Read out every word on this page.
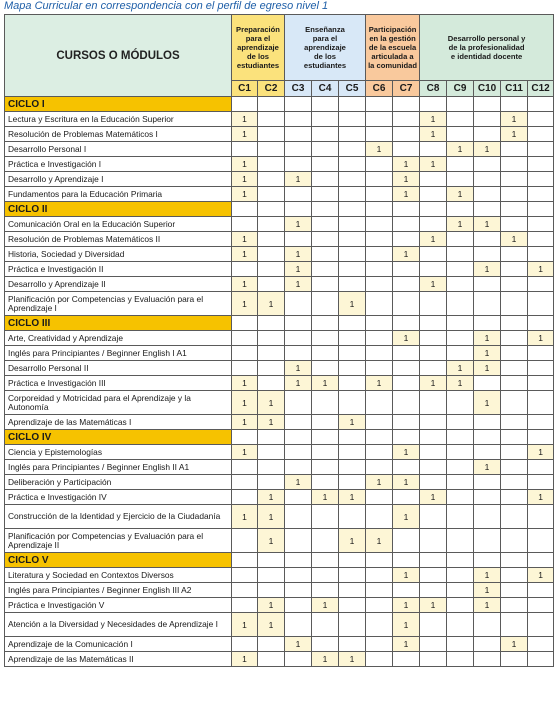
Mapa Curricular en correspondencia con el perfil de egreso nivel 1
CURSOS O MÓDULOS	Preparación
para el
aprendizaje
de los
estudiantes		Enseñanza
para el
aprendizaje
de los
estudiantes			Participación
en la gestión
de la escuela
articulada a
la comunidad		Desarrollo personal y
de la profesionalidad
e identidad docente				
	C1	C2	C3	C4	C5	C6	C7	C8	C9	C10	C11	C12
CICLO I												
Lectura y Escritura en la Educación Superior	1							1			1	
Resolución de Problemas Matemáticos I	1							1			1	
Desarrollo Personal I						1			1	1		
Práctica e Investigación I	1						1	1				
Desarrollo y Aprendizaje I	1		1				1					
Fundamentos para la Educación Primaria	1						1		1			
CICLO II												
Comunicación Oral en la Educación Superior			1						1	1		
Resolución de Problemas Matemáticos II	1							1			1	
Historia, Sociedad y Diversidad	1		1				1					
Práctica e Investigación II			1							1		1
Desarrollo y Aprendizaje II	1		1					1				
Planificación por Competencias y Evaluación para el Aprendizaje I	1	1			1							
CICLO III												
Arte, Creatividad y Aprendizaje							1			1		1
Inglés para Principiantes / Beginner English I A1										1		
Desarrollo Personal II			1						1	1		
Práctica e Investigación III	1		1	1		1		1	1			
Corporeidad y Motricidad para el Aprendizaje y la Autonomía	1	1								1		
Aprendizaje de las Matemáticas I	1	1			1							
CICLO IV												
Ciencia y Epistemologías	1						1					1
Inglés para Principiantes / Beginner English II A1										1		
Deliberación y Participación			1			1	1					
Práctica e Investigación IV		1		1	1			1				1
Construcción de la Identidad y Ejercicio de la Ciudadanía	1	1					1					
Planificación por Competencias y Evaluación para el Aprendizaje II		1			1	1						
CICLO V												
Literatura y Sociedad en Contextos Diversos							1			1		1
Inglés para Principiantes / Beginner English III A2										1		
Práctica e Investigación V		1		1			1	1		1		
Atención a la Diversidad y Necesidades de Aprendizaje I	1	1					1					
Aprendizaje de la Comunicación I			1				1				1	
Aprendizaje de las Matemáticas II	1			1	1							
